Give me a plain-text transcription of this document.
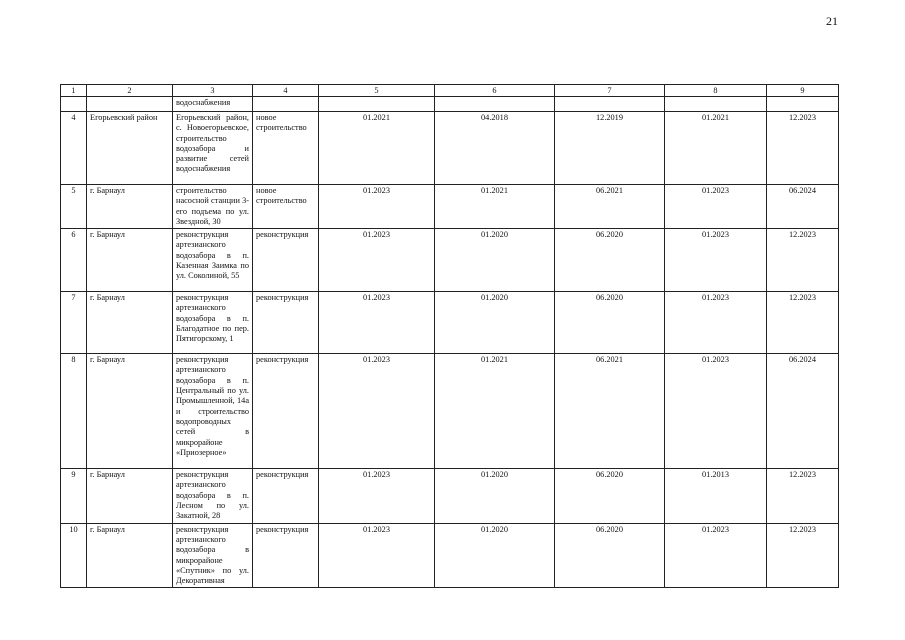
21
1	2	3	4	5	6	7	8	9
		водоснабжения						
4	Егорьевский район	Егорьевский район, с. Новоегорьевское, строительство водозабора и развитие сетей водоснабжения	новое строительство	01.2021	04.2018	12.2019	01.2021	12.2023
5	г. Барнаул	строительство насосной станции 3-его подъема по ул. Звездной, 30	новое строительство	01.2023	01.2021	06.2021	01.2023	06.2024
6	г. Барнаул	реконструкция артезианского водозабора в п. Казенная Заимка по ул. Соколиной, 55	реконструкция	01.2023	01.2020	06.2020	01.2023	12.2023
7	г. Барнаул	реконструкция артезианского водозабора в п. Благодатное по пер. Пятигорскому, 1	реконструкция	01.2023	01.2020	06.2020	01.2023	12.2023
8	г. Барнаул	реконструкция артезианского водозабора в п. Центральный по ул. Промышленной, 14а и строительство водопроводных сетей в микрорайоне «Приозерное»	реконструкция	01.2023	01.2021	06.2021	01.2023	06.2024
9	г. Барнаул	реконструкция артезианского водозабора в п. Лесном по ул. Закатной, 28	реконструкция	01.2023	01.2020	06.2020	01.2013	12.2023
10	г. Барнаул	реконструкция артезианского водозабора в микрорайоне «Спутник» по ул. Декоративная	реконструкция	01.2023	01.2020	06.2020	01.2023	12.2023
